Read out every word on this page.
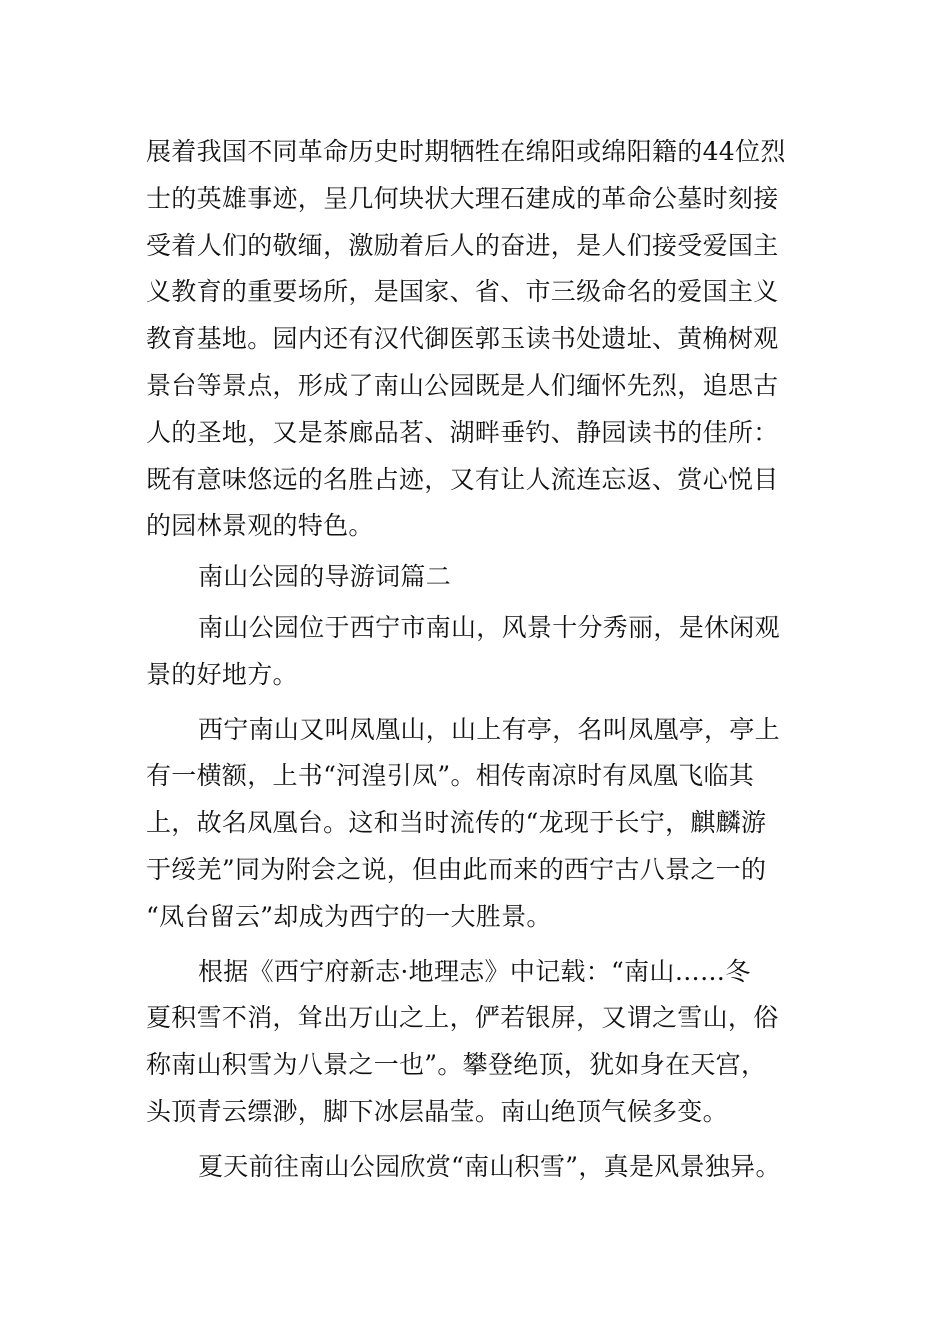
展着我国不同革命历史时期牺牲在绵阳或绵阳籍的44位烈
士的英雄事迹，呈几何块状大理石建成的革命公墓时刻接
受着人们的敬缅，激励着后人的奋进，是人们接受爱国主
义教育的重要场所，是国家、省、市三级命名的爱国主义
教育基地。园内还有汉代御医郭玉读书处遗址、黄桷树观
景台等景点，形成了南山公园既是人们缅怀先烈，追思古
人的圣地，又是茶廊品茗、湖畔垂钓、静园读书的佳所：
既有意味悠远的名胜占迹，又有让人流连忘返、赏心悦目
的园林景观的特色。
南山公园的导游词篇二
南山公园位于西宁市南山，风景十分秀丽，是休闲观
景的好地方。
西宁南山又叫凤凰山，山上有亭，名叫凤凰亭，亭上
有一横额，上书“河湟引凤”。相传南凉时有凤凰飞临其
上，故名凤凰台。这和当时流传的“龙现于长宁，麒麟游
于绥羌”同为附会之说，但由此而来的西宁古八景之一的
“凤台留云”却成为西宁的一大胜景。
根据《西宁府新志·地理志》中记载：“南山……冬
夏积雪不消，耸出万山之上，俨若银屏，又谓之雪山，俗
称南山积雪为八景之一也”。攀登绝顶，犹如身在天宫，
头顶青云缥渺，脚下冰层晶莹。南山绝顶气候多变。
夏天前往南山公园欣赏“南山积雪”，真是风景独异。
